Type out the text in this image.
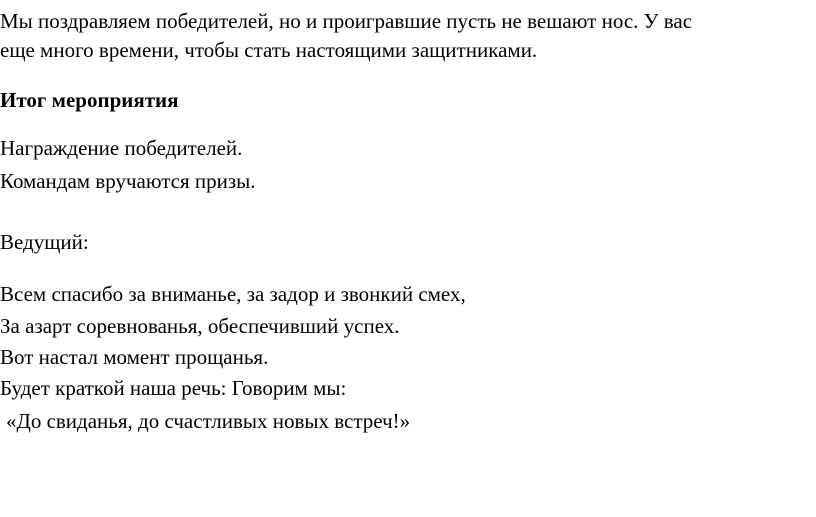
Мы поздравляем победителей, но и проигравшие пусть не вешают нос. У вас
еще много времени, чтобы стать настоящими защитниками.
Итог мероприятия
Награждение победителей.
Командам вручаются призы.
Ведущий:
Всем спасибо за вниманье, за задор и звонкий смех,
За азарт соревнованья, обеспечивший успех.
Вот настал момент прощанья.
Будет краткой наша речь: Говорим мы:
«До свиданья, до счастливых новых встреч!»
